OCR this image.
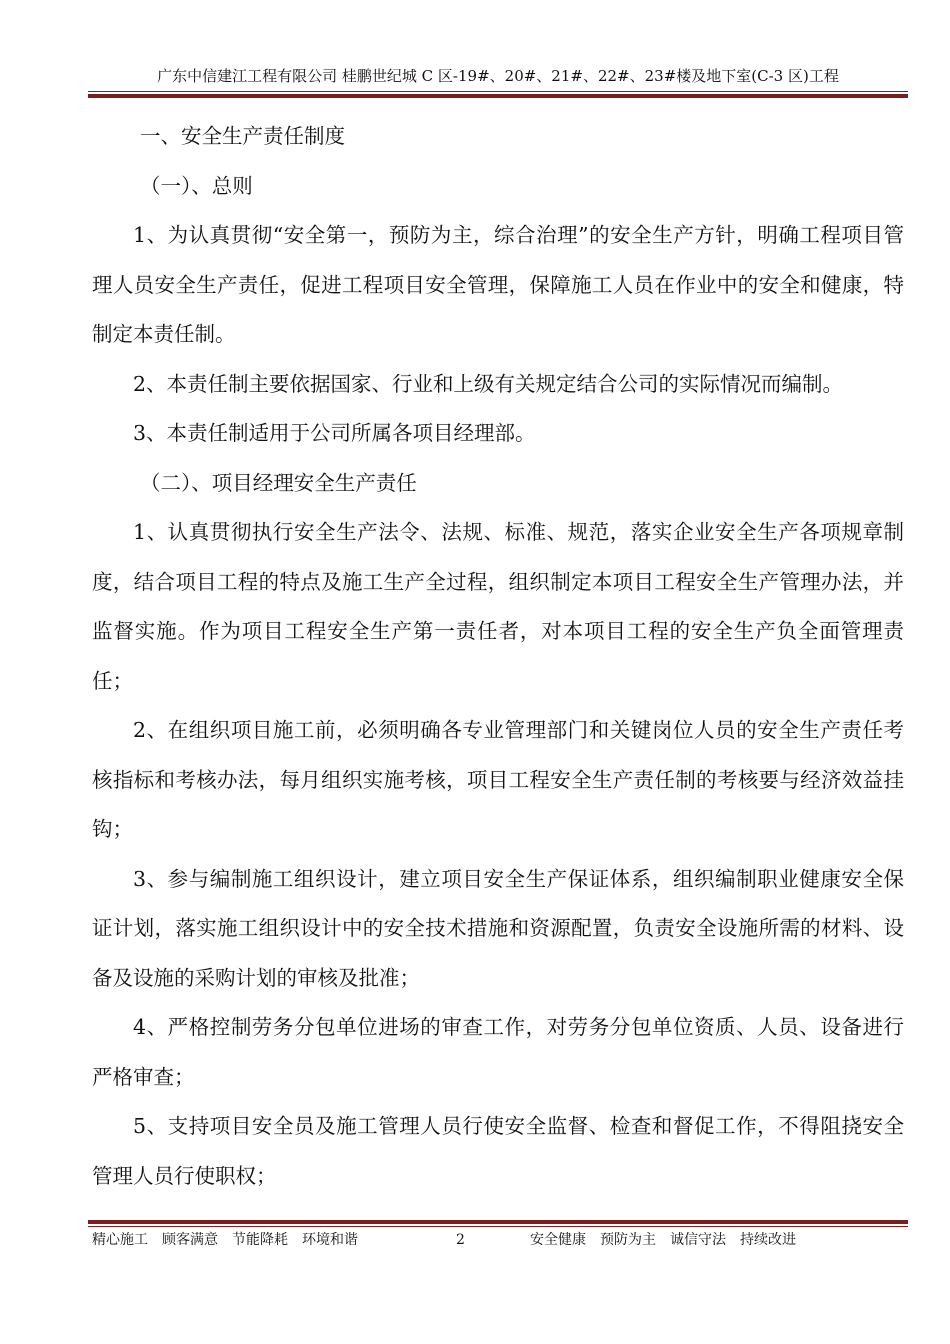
广东中信建江工程有限公司 桂鹏世纪城 C 区-19#、20#、21#、22#、23#楼及地下室(C-3 区)工程

一、安全生产责任制度

（一）、总则

1、为认真贯彻“安全第一，预防为主，综合治理”的安全生产方针，明确工程项目管理人员安全生产责任，促进工程项目安全管理，保障施工人员在作业中的安全和健康，特制定本责任制。

2、本责任制主要依据国家、行业和上级有关规定结合公司的实际情况而编制。

3、本责任制适用于公司所属各项目经理部。

（二）、项目经理安全生产责任

1、认真贯彻执行安全生产法令、法规、标准、规范，落实企业安全生产各项规章制度，结合项目工程的特点及施工生产全过程，组织制定本项目工程安全生产管理办法，并监督实施。作为项目工程安全生产第一责任者，对本项目工程的安全生产负全面管理责任；

2、在组织项目施工前，必须明确各专业管理部门和关键岗位人员的安全生产责任考核指标和考核办法，每月组织实施考核，项目工程安全生产责任制的考核要与经济效益挂钩；

3、参与编制施工组织设计，建立项目安全生产保证体系，组织编制职业健康安全保证计划，落实施工组织设计中的安全技术措施和资源配置，负责安全设施所需的材料、设备及设施的采购计划的审核及批准；

4、严格控制劳务分包单位进场的审查工作，对劳务分包单位资质、人员、设备进行严格审查；

5、支持项目安全员及施工管理人员行使安全监督、检查和督促工作，不得阻挠安全管理人员行使职权；

精心施工 顾客满意 节能降耗 环境和谐	2	安全健康 预防为主 诚信守法 持续改进
